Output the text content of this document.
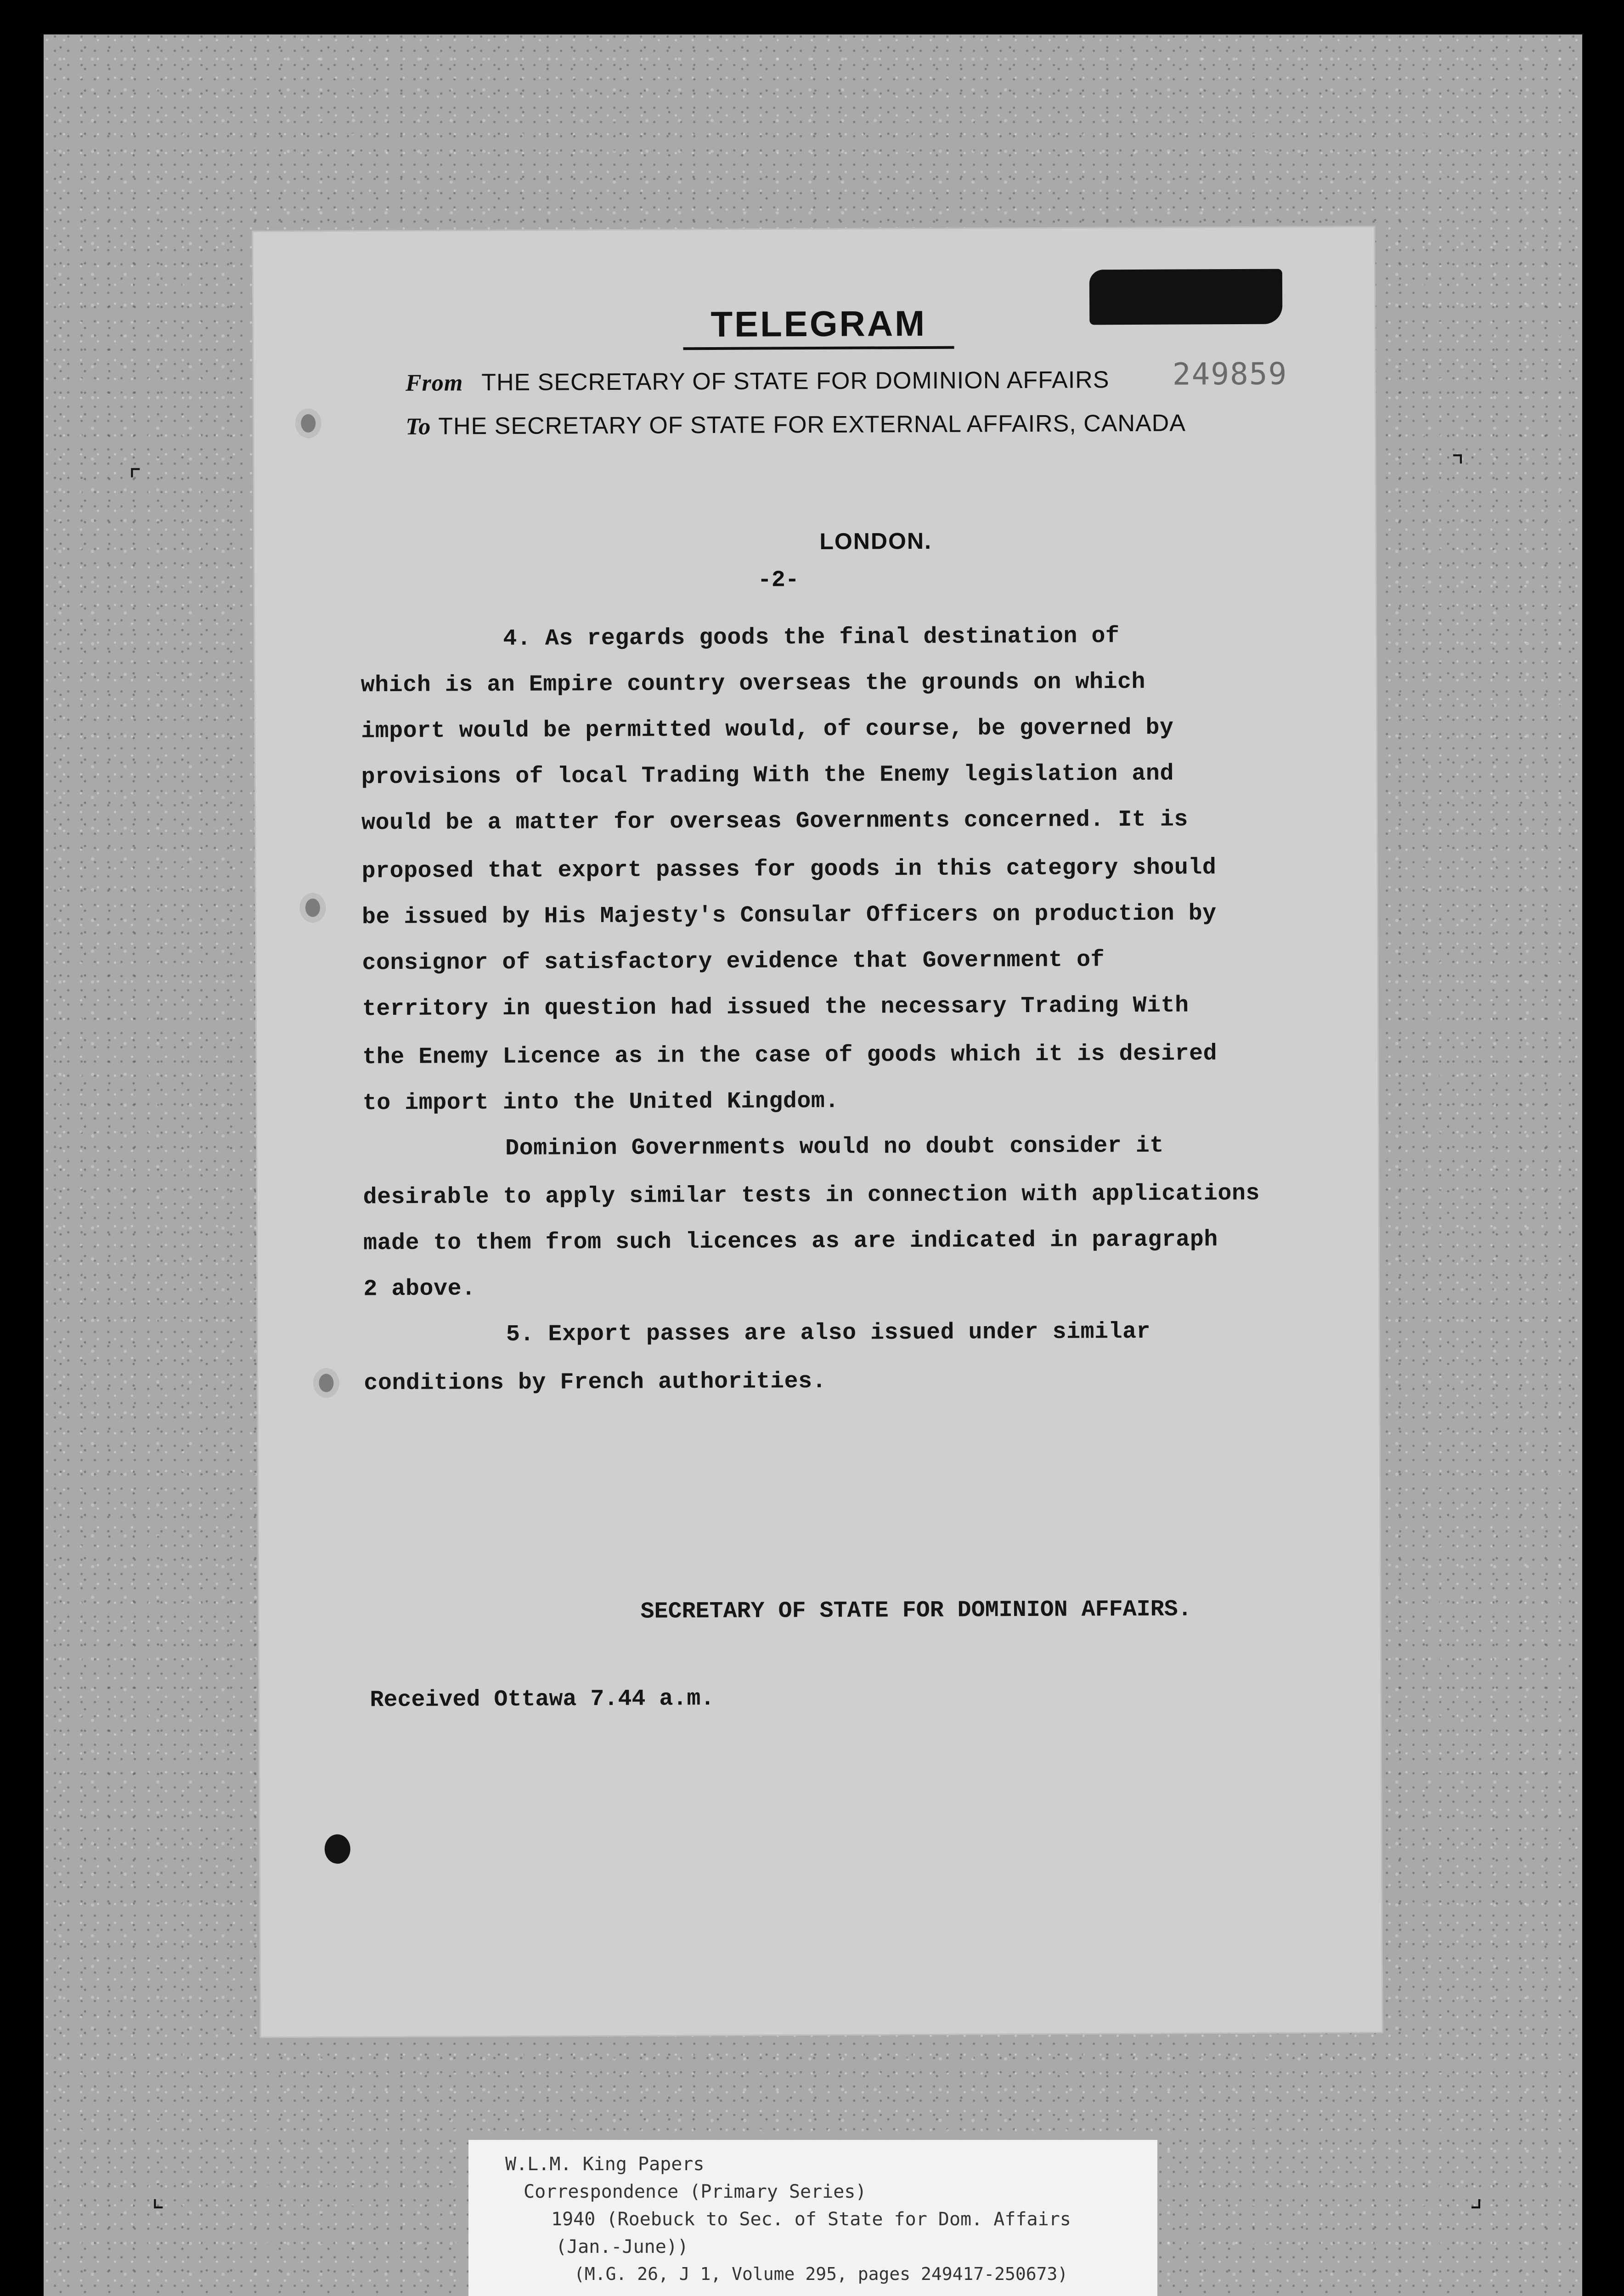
⌜	⌝
⌞	⌟
TELEGRAM
From THE SECRETARY OF STATE FOR DOMINION AFFAIRS 249859
To THE SECRETARY OF STATE FOR EXTERNAL AFFAIRS, CANADA
LONDON.
-2-
4. As regards goods the final destination of
which is an Empire country overseas the grounds on which
import would be permitted would, of course, be governed by
provisions of local Trading With the Enemy legislation and
would be a matter for overseas Governments concerned. It is
proposed that export passes for goods in this category should
be issued by His Majesty's Consular Officers on production by
consignor of satisfactory evidence that Government of
territory in question had issued the necessary Trading With
the Enemy Licence as in the case of goods which it is desired
to import into the United Kingdom.
Dominion Governments would no doubt consider it
desirable to apply similar tests in connection with applications
made to them from such licences as are indicated in paragraph
2 above.
5. Export passes are also issued under similar
conditions by French authorities.
SECRETARY OF STATE FOR DOMINION AFFAIRS.
Received Ottawa 7.44 a.m.
W.L.M. King Papers
Correspondence (Primary Series)
1940 (Roebuck to Sec. of State for Dom. Affairs
(Jan.-June))
(M.G. 26, J 1, Volume 295, pages 249417-250673)
